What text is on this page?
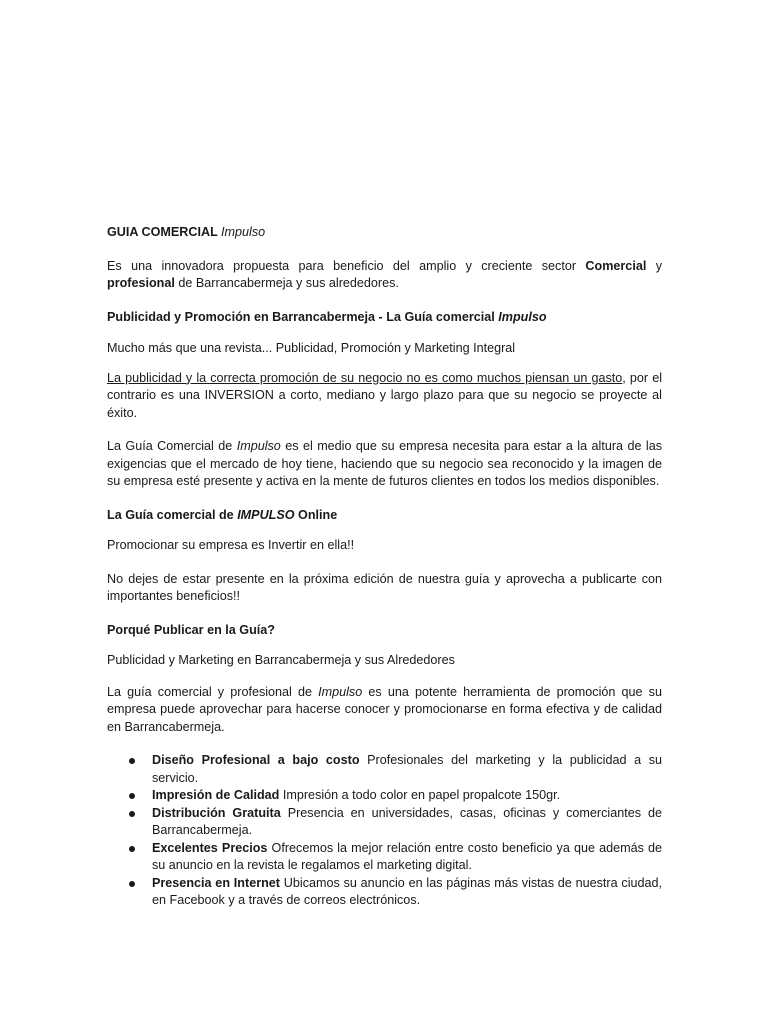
GUIA COMERCIAL Impulso

Es una innovadora propuesta para beneficio del amplio y creciente sector Comercial y profesional de Barrancabermeja y sus alrededores.

Publicidad y Promoción en Barrancabermeja - La Guía comercial Impulso

Mucho más que una revista... Publicidad, Promoción y Marketing Integral

La publicidad y la correcta promoción de su negocio no es como muchos piensan un gasto, por el contrario es una INVERSION a corto, mediano y largo plazo para que su negocio se proyecte al éxito.

La Guía Comercial de Impulso es el medio que su empresa necesita para estar a la altura de las exigencias que el mercado de hoy tiene, haciendo que su negocio sea reconocido y la imagen de su empresa esté presente y activa en la mente de futuros clientes en todos los medios disponibles.

La Guía comercial de IMPULSO Online

Promocionar su empresa es Invertir en ella!!

No dejes de estar presente en la próxima edición de nuestra guía y aprovecha a publicarte con importantes beneficios!!

Porqué Publicar en la Guía?

Publicidad y Marketing en Barrancabermeja y sus Alrededores

La guía comercial y profesional de Impulso es una potente herramienta de promoción que su empresa puede aprovechar para hacerse conocer y promocionarse en forma efectiva y de calidad en Barrancabermeja.

Diseño Profesional a bajo costo Profesionales del marketing y la publicidad a su servicio.
Impresión de Calidad Impresión a todo color en papel propalcote 150gr.
Distribución Gratuita Presencia en universidades, casas, oficinas y comerciantes de Barrancabermeja.
Excelentes Precios Ofrecemos la mejor relación entre costo beneficio ya que además de su anuncio en la revista le regalamos el marketing digital.
Presencia en Internet Ubicamos su anuncio en las páginas más vistas de nuestra ciudad, en Facebook y a través de correos electrónicos.
